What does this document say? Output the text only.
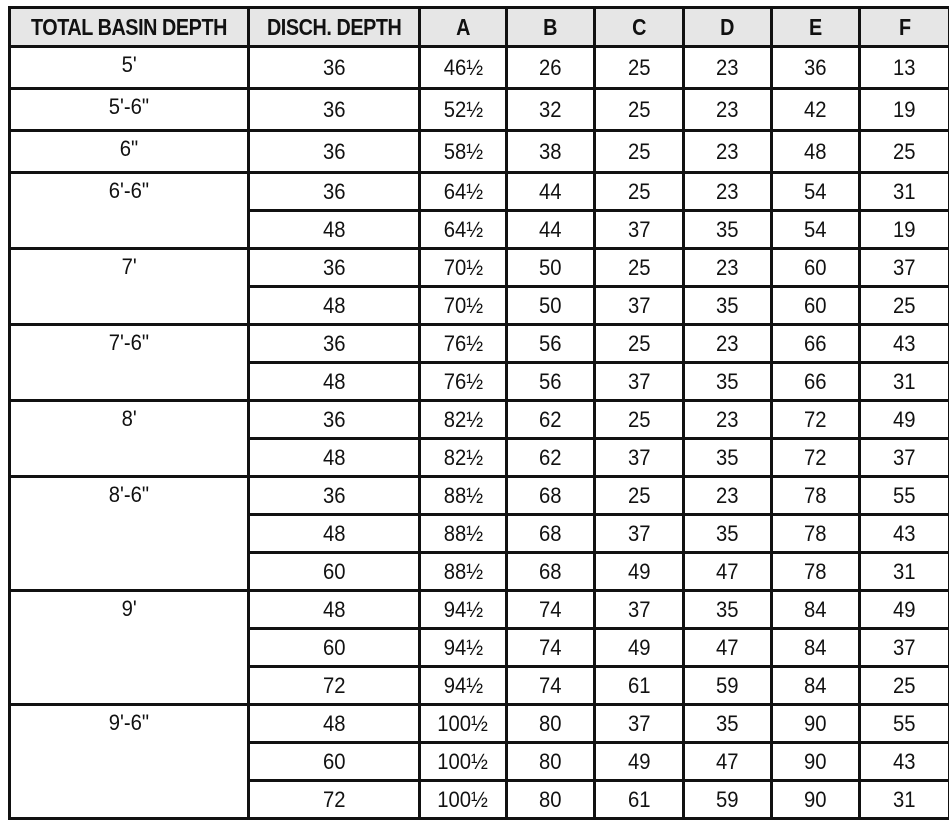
TOTAL BASIN DEPTH	DISCH. DEPTH	A	B	C	D	E	F
5'	36	46½	26	25	23	36	13
5'-6"	36	52½	32	25	23	42	19
6"	36	58½	38	25	23	48	25
6'-6"	36	64½	44	25	23	54	31
	48	64½	44	37	35	54	19
7'	36	70½	50	25	23	60	37
	48	70½	50	37	35	60	25
7'-6"	36	76½	56	25	23	66	43
	48	76½	56	37	35	66	31
8'	36	82½	62	25	23	72	49
	48	82½	62	37	35	72	37
8'-6"	36	88½	68	25	23	78	55
	48	88½	68	37	35	78	43
	60	88½	68	49	47	78	31
9'	48	94½	74	37	35	84	49
	60	94½	74	49	47	84	37
	72	94½	74	61	59	84	25
9'-6"	48	100½	80	37	35	90	55
	60	100½	80	49	47	90	43
	72	100½	80	61	59	90	31
